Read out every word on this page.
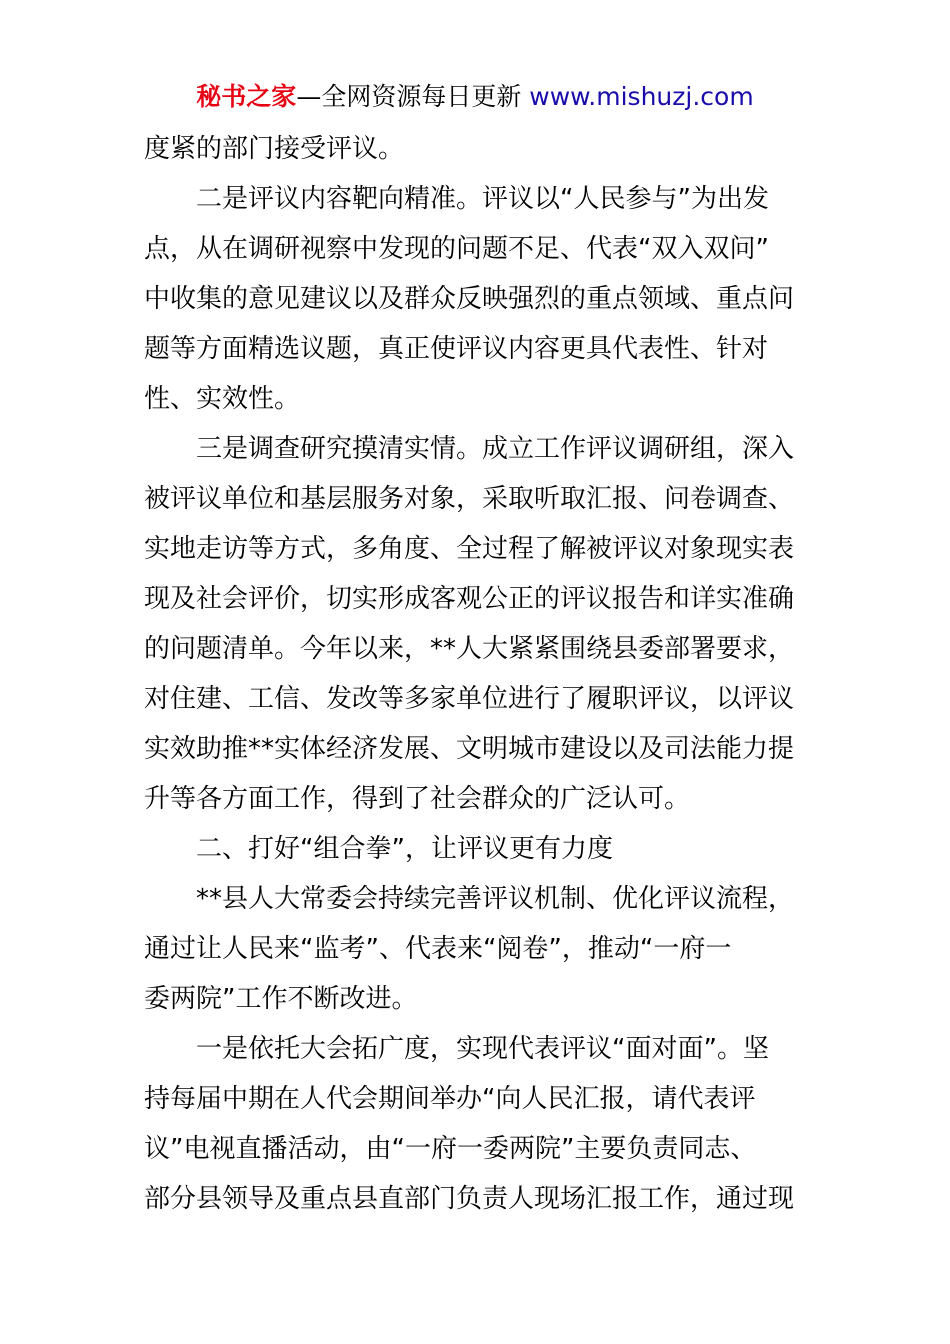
秘书之家—全网资源每日更新 www.mishuzj.com
度紧的部门接受评议。
二是评议内容靶向精准。评议以“人民参与”为出发
点，从在调研视察中发现的问题不足、代表“双入双问”
中收集的意见建议以及群众反映强烈的重点领域、重点问
题等方面精选议题，真正使评议内容更具代表性、针对
性、实效性。
三是调查研究摸清实情。成立工作评议调研组，深入
被评议单位和基层服务对象，采取听取汇报、问卷调查、
实地走访等方式，多角度、全过程了解被评议对象现实表
现及社会评价，切实形成客观公正的评议报告和详实准确
的问题清单。今年以来，**人大紧紧围绕县委部署要求，
对住建、工信、发改等多家单位进行了履职评议，以评议
实效助推**实体经济发展、文明城市建设以及司法能力提
升等各方面工作，得到了社会群众的广泛认可。
二、打好“组合拳”，让评议更有力度
**县人大常委会持续完善评议机制、优化评议流程，
通过让人民来“监考”、代表来“阅卷”，推动“一府一
委两院”工作不断改进。
一是依托大会拓广度，实现代表评议“面对面”。坚
持每届中期在人代会期间举办“向人民汇报，请代表评
议”电视直播活动，由“一府一委两院”主要负责同志、
部分县领导及重点县直部门负责人现场汇报工作，通过现
